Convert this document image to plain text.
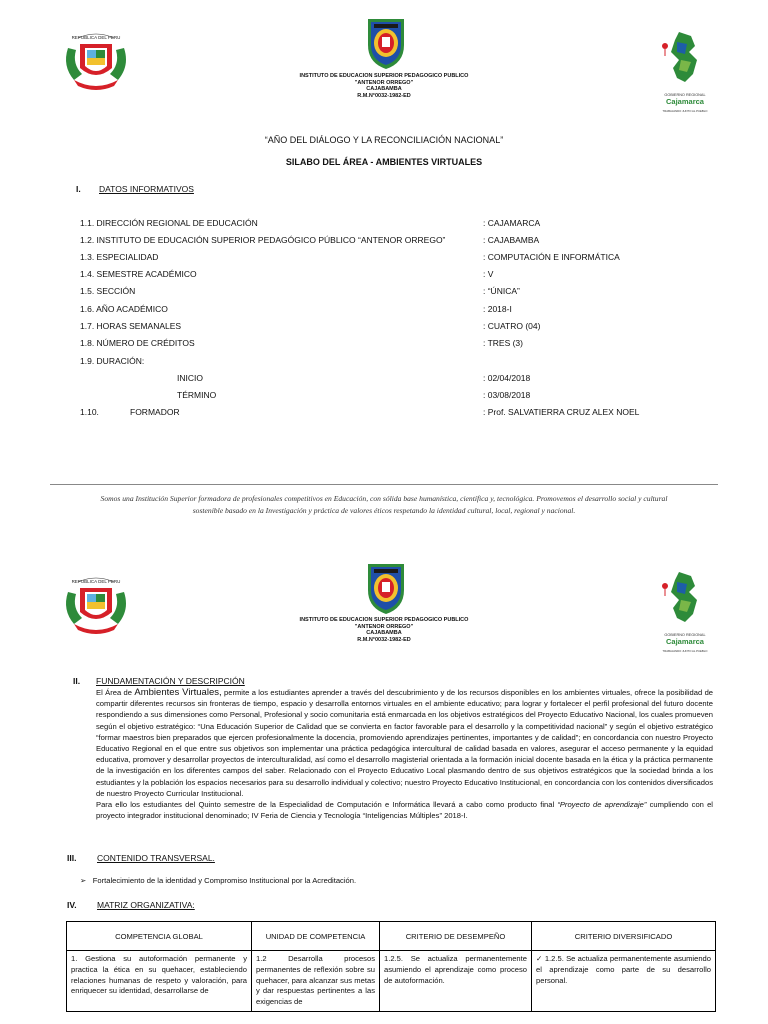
REPUBLICA DEL PERU
INSTITUTO DE EDUCACION SUPERIOR PEDAGOGICO PUBLICO
"ANTENOR ORREGO"
CAJABAMBA
R.M.N°0032-1982-ED	GOBIERNO REGIONAL
Cajamarca
TRABAJANDO JUNTO AL PUEBLO
“AÑO DEL DIÁLOGO Y LA RECONCILIACIÓN NACIONAL”
SILABO DEL ÁREA - AMBIENTES VIRTUALES
I. DATOS INFORMATIVOS
1.1. DIRECCIÓN REGIONAL DE EDUCACIÓN	: CAJAMARCA
1.2. INSTITUTO DE EDUCACIÓN SUPERIOR PEDAGÓGICO PÚBLICO “ANTENOR ORREGO”	: CAJABAMBA
1.3. ESPECIALIDAD	: COMPUTACIÓN E INFORMÁTICA
1.4. SEMESTRE ACADÉMICO	: V
1.5. SECCIÓN	: “ÚNICA”
1.6. AÑO ACADÉMICO	: 2018-I
1.7. HORAS SEMANALES	: CUATRO (04)
1.8. NÚMERO DE CRÉDITOS	: TRES (3)
1.9. DURACIÓN:
INICIO	: 02/04/2018
TÉRMINO	: 03/08/2018
1.10.	FORMADOR	: Prof. SALVATIERRA CRUZ ALEX NOEL
Somos una Institución Superior formadora de profesionales competitivos en Educación, con sólida base humanística, científica y, tecnológica. Promovemos el desarrollo social y cultural sostenible basado en la Investigación y práctica de valores éticos respetando la identidad cultural, local, regional y nacional.
REPUBLICA DEL PERU
INSTITUTO DE EDUCACION SUPERIOR PEDAGOGICO PUBLICO
"ANTENOR ORREGO"
CAJABAMBA
R.M.N°0032-1982-ED
GOBIERNO REGIONAL
Cajamarca
TRABAJANDO JUNTO AL PUEBLO
II. FUNDAMENTACIÓN Y DESCRIPCIÓN

El Área de Ambientes Virtuales, permite a los estudiantes aprender a través del descubrimiento y de los recursos disponibles en los ambientes virtuales, ofrece la posibilidad de compartir diferentes recursos sin fronteras de tiempo, espacio y desarrolla entornos virtuales en el ambiente educativo; para lograr y fortalecer el perfil profesional del futuro docente respondiendo a sus dimensiones como Personal, Profesional y socio comunitaria está enmarcada en los objetivos estratégicos del Proyecto Educativo Nacional, los cuales promueven según el objetivo estratégico: “Una Educación Superior de Calidad que se convierta en factor favorable para el desarrollo y la competitividad nacional” y según el objetivo estratégico “formar maestros bien preparados que ejercen profesionalmente la docencia, promoviendo aprendizajes pertinentes, importantes y de calidad”; en concordancia con nuestro Proyecto Educativo Regional en el que entre sus objetivos son implementar una práctica pedagógica intercultural de calidad basada en valores, asegurar el acceso permanente y la equidad educativa, promover y desarrollar proyectos de interculturalidad, así como el desarrollo magisterial orientada a la formación inicial docente basada en la ética y la práctica permanente de la investigación en los diferentes campos del saber. Relacionado con el Proyecto Educativo Local plasmando dentro de sus objetivos estratégicos que la sociedad brinda a los estudiantes y la población los espacios necesarios para su desarrollo individual y colectivo; nuestro Proyecto Educativo Institucional, en concordancia con los contenidos diversificados de nuestro Proyecto Curricular Institucional.

Para ello los estudiantes del Quinto semestre de la Especialidad de Computación e Informática llevará a cabo como producto final “Proyecto de aprendizaje” cumpliendo con el proyecto integrador institucional denominado; IV Feria de Ciencia y Tecnología “Inteligencias Múltiples” 2018-I.

III. CONTENIDO TRANSVERSAL.
➢ Fortalecimiento de la identidad y Compromiso Institucional por la Acreditación.
IV. MATRIZ ORGANIZATIVA:
COMPETENCIA GLOBAL	UNIDAD DE COMPETENCIA	CRITERIO DE DESEMPEÑO	CRITERIO DIVERSIFICADO
1. Gestiona su autoformación permanente y practica la ética en su quehacer, estableciendo relaciones humanas de respeto y valoración, para enriquecer su identidad, desarrollarse de	1.2 Desarrolla procesos permanentes de reflexión sobre su quehacer, para alcanzar sus metas y dar respuestas pertinentes a las exigencias de	1.2.5. Se actualiza permanentemente asumiendo el aprendizaje como proceso de autoformación.	✓ 1.2.5. Se actualiza permanentemente asumiendo el aprendizaje como parte de su desarrollo personal.
